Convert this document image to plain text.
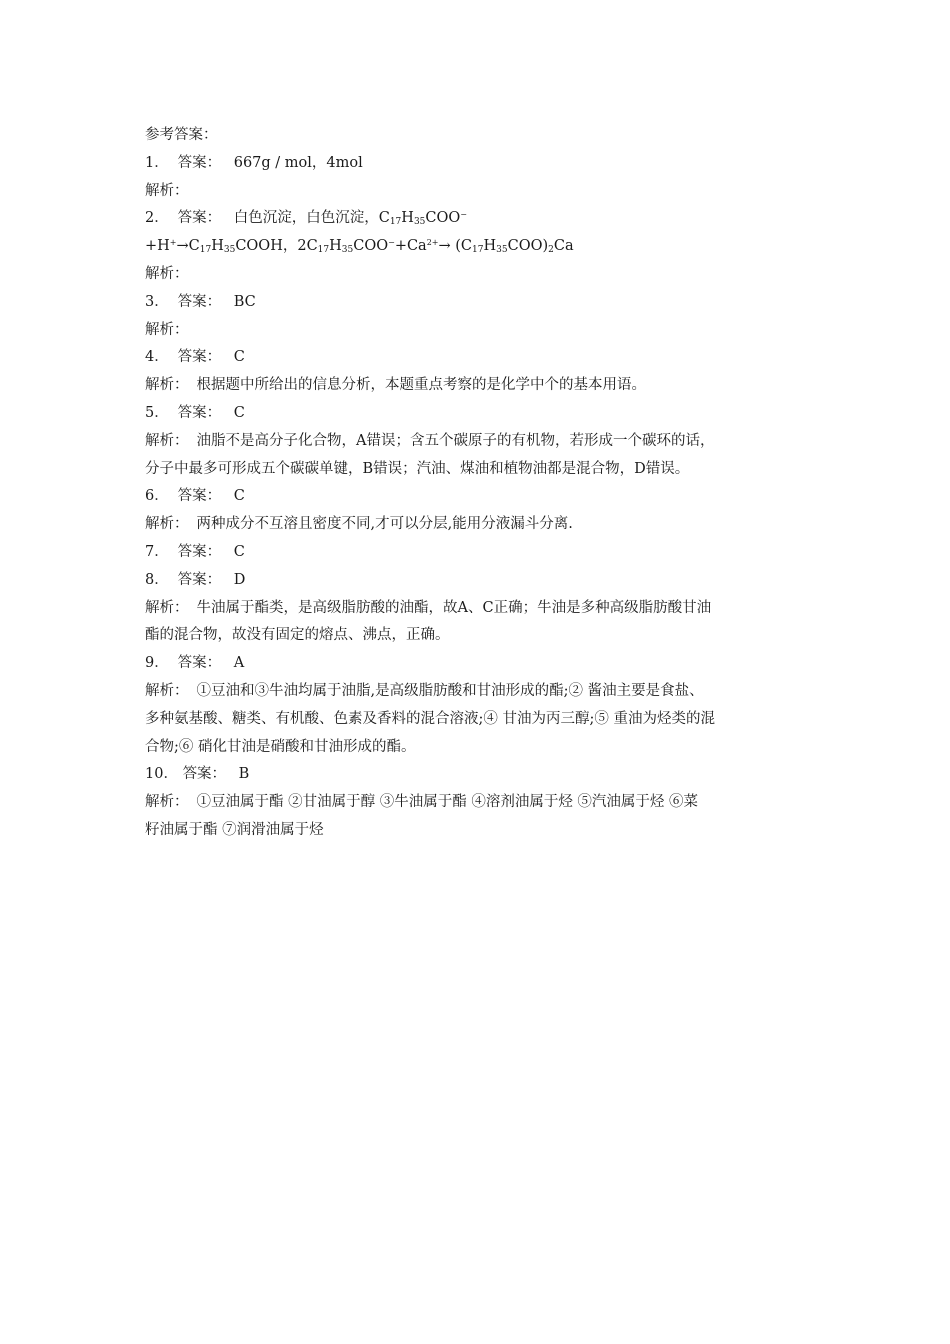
参考答案：
1． 答案： 667g / mol，4mol
解析：
2． 答案： 白色沉淀，白色沉淀，$C_{17}H_{35}COO^-$
$+H^+\to C_{17}H_{35}COOH$，$2C_{17}H_{35}COO^-+Ca^{2+}\to (C_{17}H_{35}COO)_2Ca$
解析：
3． 答案： BC
解析：
4． 答案： C
解析： 根据题中所给出的信息分析，本题重点考察的是化学中个的基本用语。
5． 答案： C
解析： 油脂不是高分子化合物，A错误；含五个碳原子的有机物，若形成一个碳环的话，
分子中最多可形成五个碳碳单键，B错误；汽油、煤油和植物油都是混合物，D错误。
6． 答案： C
解析： 两种成分不互溶且密度不同,才可以分层,能用分液漏斗分离.
7． 答案： C
8． 答案： D
解析： 牛油属于酯类，是高级脂肪酸的油酯，故A、C正确；牛油是多种高级脂肪酸甘油
酯的混合物，故没有固定的熔点、沸点，正确。
9． 答案： A
解析： ①豆油和③牛油均属于油脂,是高级脂肪酸和甘油形成的酯;② 酱油主要是食盐、
多种氨基酸、糖类、有机酸、色素及香料的混合溶液;④ 甘油为丙三醇;⑤ 重油为烃类的混
合物;⑥ 硝化甘油是硝酸和甘油形成的酯。
10． 答案： B
解析： ①豆油属于酯 ②甘油属于醇 ③牛油属于酯 ④溶剂油属于烃 ⑤汽油属于烃 ⑥菜
籽油属于酯 ⑦润滑油属于烃
